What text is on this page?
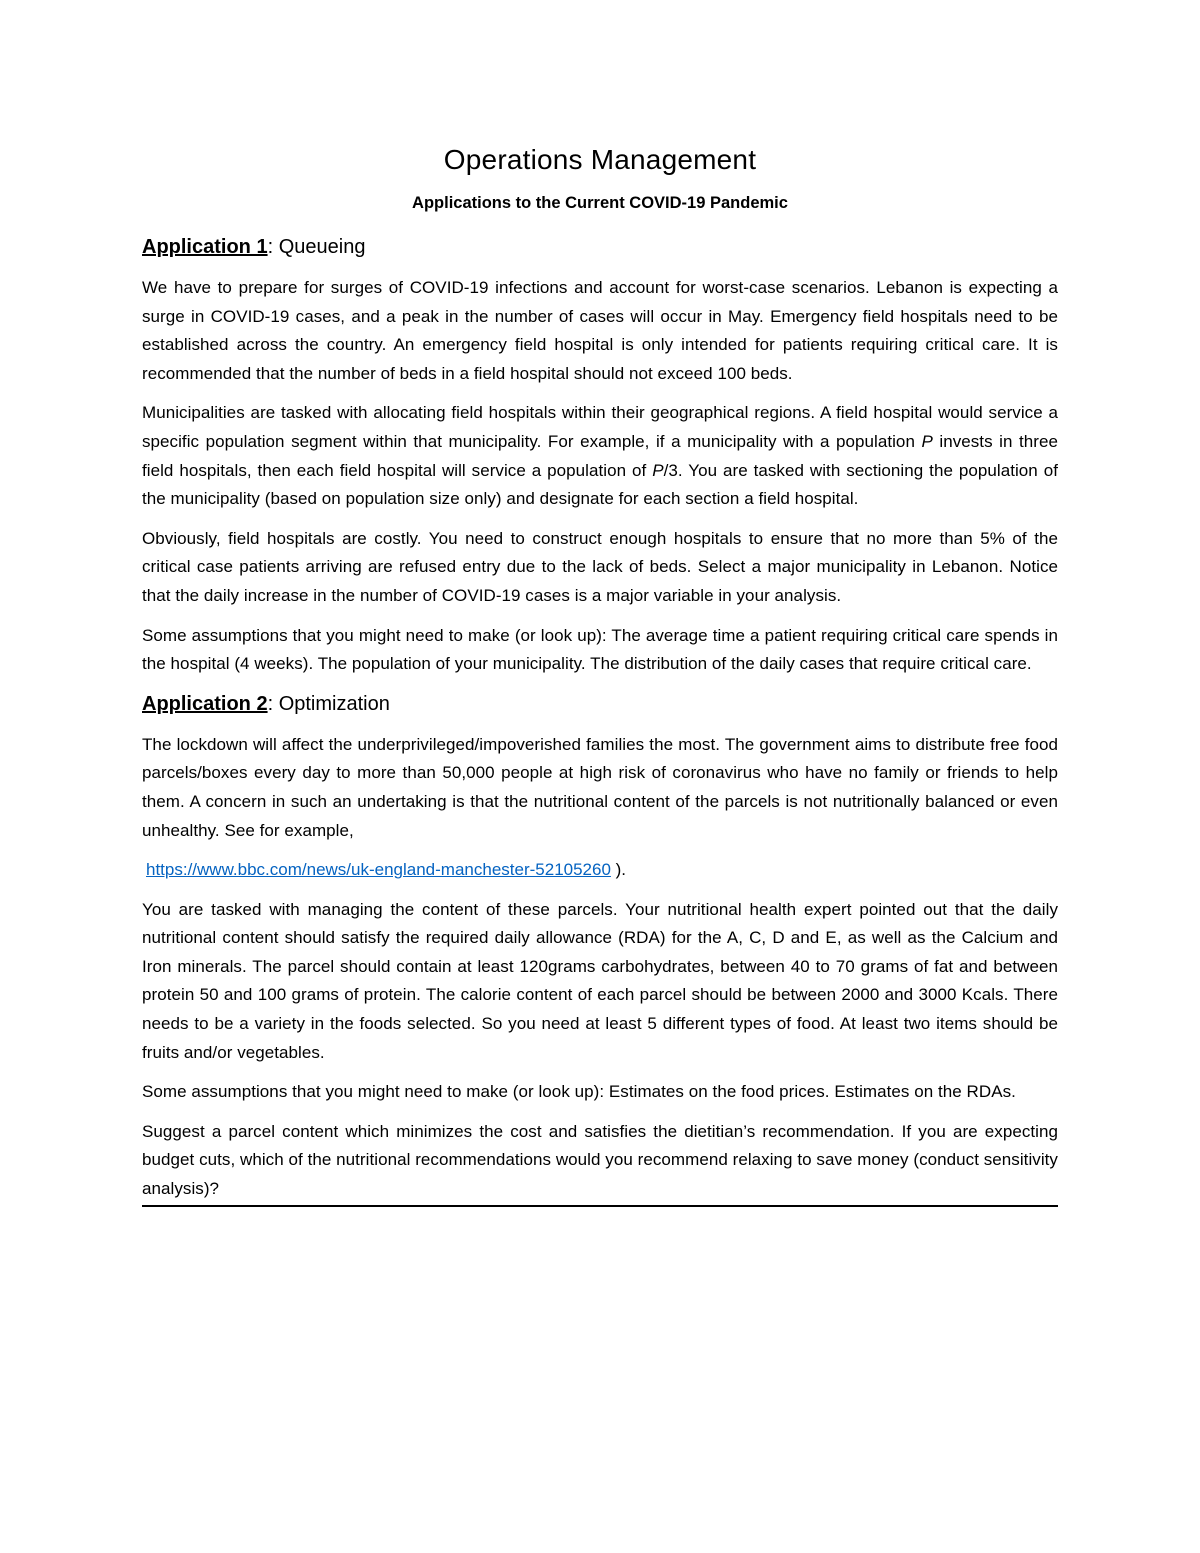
Operations Management
Applications to the Current COVID-19 Pandemic
Application 1: Queueing

We have to prepare for surges of COVID-19 infections and account for worst-case scenarios. Lebanon is expecting a surge in COVID-19 cases, and a peak in the number of cases will occur in May. Emergency field hospitals need to be established across the country. An emergency field hospital is only intended for patients requiring critical care. It is recommended that the number of beds in a field hospital should not exceed 100 beds.

Municipalities are tasked with allocating field hospitals within their geographical regions. A field hospital would service a specific population segment within that municipality. For example, if a municipality with a population P invests in three field hospitals, then each field hospital will service a population of P/3. You are tasked with sectioning the population of the municipality (based on population size only) and designate for each section a field hospital.

Obviously, field hospitals are costly. You need to construct enough hospitals to ensure that no more than 5% of the critical case patients arriving are refused entry due to the lack of beds. Select a major municipality in Lebanon. Notice that the daily increase in the number of COVID-19 cases is a major variable in your analysis.

Some assumptions that you might need to make (or look up): The average time a patient requiring critical care spends in the hospital (4 weeks). The population of your municipality. The distribution of the daily cases that require critical care.

Application 2: Optimization

The lockdown will affect the underprivileged/impoverished families the most. The government aims to distribute free food parcels/boxes every day to more than 50,000 people at high risk of coronavirus who have no family or friends to help them. A concern in such an undertaking is that the nutritional content of the parcels is not nutritionally balanced or even unhealthy. See for example,

https://www.bbc.com/news/uk-england-manchester-52105260 ).

You are tasked with managing the content of these parcels. Your nutritional health expert pointed out that the daily nutritional content should satisfy the required daily allowance (RDA) for the A, C, D and E, as well as the Calcium and Iron minerals. The parcel should contain at least 120grams carbohydrates, between 40 to 70 grams of fat and between protein 50 and 100 grams of protein. The calorie content of each parcel should be between 2000 and 3000 Kcals. There needs to be a variety in the foods selected. So you need at least 5 different types of food. At least two items should be fruits and/or vegetables.

Some assumptions that you might need to make (or look up): Estimates on the food prices. Estimates on the RDAs.

Suggest a parcel content which minimizes the cost and satisfies the dietitian’s recommendation. If you are expecting budget cuts, which of the nutritional recommendations would you recommend relaxing to save money (conduct sensitivity analysis)?
